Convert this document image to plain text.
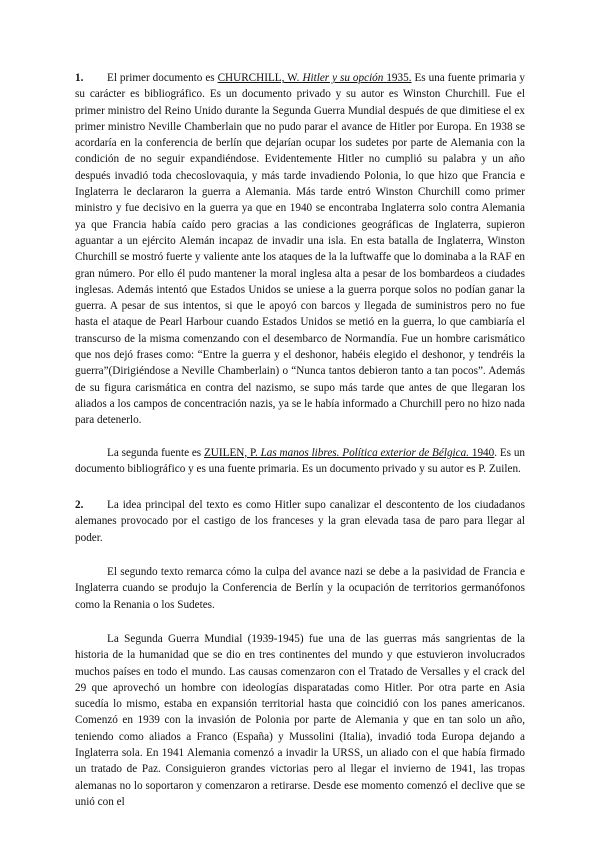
1. El primer documento es CHURCHILL, W. Hitler y su opción 1935. Es una fuente primaria y su carácter es bibliográfico. Es un documento privado y su autor es Winston Churchill. Fue el primer ministro del Reino Unido durante la Segunda Guerra Mundial después de que dimitiese el ex primer ministro Neville Chamberlain que no pudo parar el avance de Hitler por Europa. En 1938 se acordaría en la conferencia de berlín que dejarían ocupar los sudetes por parte de Alemania con la condición de no seguir expandiéndose. Evidentemente Hitler no cumplió su palabra y un año después invadió toda checoslovaquia, y más tarde invadiendo Polonia, lo que hizo que Francia e Inglaterra le declararon la guerra a Alemania. Más tarde entró Winston Churchill como primer ministro y fue decisivo en la guerra ya que en 1940 se encontraba Inglaterra solo contra Alemania ya que Francia había caído pero gracias a las condiciones geográficas de Inglaterra, supieron aguantar a un ejército Alemán incapaz de invadir una isla. En esta batalla de Inglaterra, Winston Churchill se mostró fuerte y valiente ante los ataques de la la luftwaffe que lo dominaba a la RAF en gran número. Por ello él pudo mantener la moral inglesa alta a pesar de los bombardeos a ciudades inglesas. Además intentó que Estados Unidos se uniese a la guerra porque solos no podían ganar la guerra. A pesar de sus intentos, si que le apoyó con barcos y llegada de suministros pero no fue hasta el ataque de Pearl Harbour cuando Estados Unidos se metió en la guerra, lo que cambiaría el transcurso de la misma comenzando con el desembarco de Normandía. Fue un hombre carismático que nos dejó frases como: “Entre la guerra y el deshonor, habéis elegido el deshonor, y tendréis la guerra”(Dirigiéndose a Neville Chamberlain) o “Nunca tantos debieron tanto a tan pocos”. Además de su figura carismática en contra del nazismo, se supo más tarde que antes de que llegaran los aliados a los campos de concentración nazis, ya se le había informado a Churchill pero no hizo nada para detenerlo.

La segunda fuente es ZUILEN, P. Las manos libres. Política exterior de Bélgica. 1940. Es un documento bibliográfico y es una fuente primaria. Es un documento privado y su autor es P. Zuilen.

2. La idea principal del texto es como Hitler supo canalizar el descontento de los ciudadanos alemanes provocado por el castigo de los franceses y la gran elevada tasa de paro para llegar al poder.

El segundo texto remarca cómo la culpa del avance nazi se debe a la pasividad de Francia e Inglaterra cuando se produjo la Conferencia de Berlín y la ocupación de territorios germanófonos como la Renania o los Sudetes.

La Segunda Guerra Mundial (1939-1945) fue una de las guerras más sangrientas de la historia de la humanidad que se dio en tres continentes del mundo y que estuvieron involucrados muchos países en todo el mundo. Las causas comenzaron con el Tratado de Versalles y el crack del 29 que aprovechó un hombre con ideologías disparatadas como Hitler. Por otra parte en Asia sucedía lo mismo, estaba en expansión territorial hasta que coincidió con los panes americanos. Comenzó en 1939 con la invasión de Polonia por parte de Alemania y que en tan solo un año, teniendo como aliados a Franco (España) y Mussolini (Italia), invadió toda Europa dejando a Inglaterra sola. En 1941 Alemania comenzó a invadir la URSS, un aliado con el que había firmado un tratado de Paz. Consiguieron grandes victorias pero al llegar el invierno de 1941, las tropas alemanas no lo soportaron y comenzaron a retirarse. Desde ese momento comenzó el declive que se unió con el
